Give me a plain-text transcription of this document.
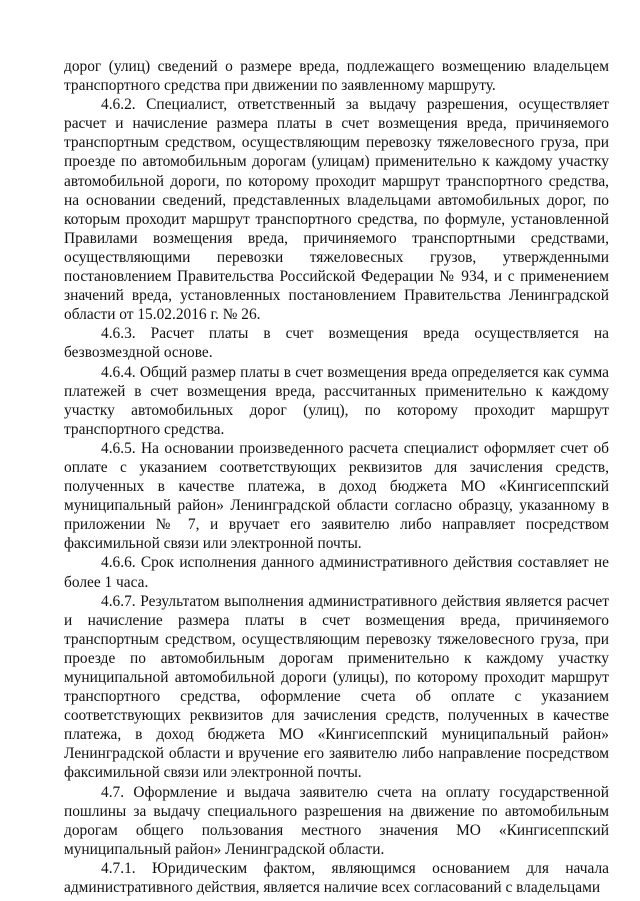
дорог (улиц) сведений о размере вреда, подлежащего возмещению владельцем транспортного средства при движении по заявленному маршруту.

4.6.2. Специалист, ответственный за выдачу разрешения, осуществляет расчет и начисление размера платы в счет возмещения вреда, причиняемого транспортным средством, осуществляющим перевозку тяжеловесного груза, при проезде по автомобильным дорогам (улицам) применительно к каждому участку автомобильной дороги, по которому проходит маршрут транспортного средства, на основании сведений, представленных владельцами автомобильных дорог, по которым проходит маршрут транспортного средства, по формуле, установленной Правилами возмещения вреда, причиняемого транспортными средствами, осуществляющими перевозки тяжеловесных грузов, утвержденными постановлением Правительства Российской Федерации № 934, и с применением значений вреда, установленных постановлением Правительства Ленинградской области от 15.02.2016 г. № 26.

4.6.3. Расчет платы в счет возмещения вреда осуществляется на безвозмездной основе.

4.6.4. Общий размер платы в счет возмещения вреда определяется как сумма платежей в счет возмещения вреда, рассчитанных применительно к каждому участку автомобильных дорог (улиц), по которому проходит маршрут транспортного средства.

4.6.5. На основании произведенного расчета специалист оформляет счет об оплате с указанием соответствующих реквизитов для зачисления средств, полученных в качестве платежа, в доход бюджета МО «Кингисеппский муниципальный район» Ленинградской области согласно образцу, указанному в приложении № 7, и вручает его заявителю либо направляет посредством факсимильной связи или электронной почты.

4.6.6. Срок исполнения данного административного действия составляет не более 1 часа.

4.6.7. Результатом выполнения административного действия является расчет и начисление размера платы в счет возмещения вреда, причиняемого транспортным средством, осуществляющим перевозку тяжеловесного груза, при проезде по автомобильным дорогам применительно к каждому участку муниципальной автомобильной дороги (улицы), по которому проходит маршрут транспортного средства, оформление счета об оплате с указанием соответствующих реквизитов для зачисления средств, полученных в качестве платежа, в доход бюджета МО «Кингисеппский муниципальный район» Ленинградской области и вручение его заявителю либо направление посредством факсимильной связи или электронной почты.

4.7. Оформление и выдача заявителю счета на оплату государственной пошлины за выдачу специального разрешения на движение по автомобильным дорогам общего пользования местного значения МО «Кингисеппский муниципальный район» Ленинградской области.

4.7.1. Юридическим фактом, являющимся основанием для начала административного действия, является наличие всех согласований с владельцами
